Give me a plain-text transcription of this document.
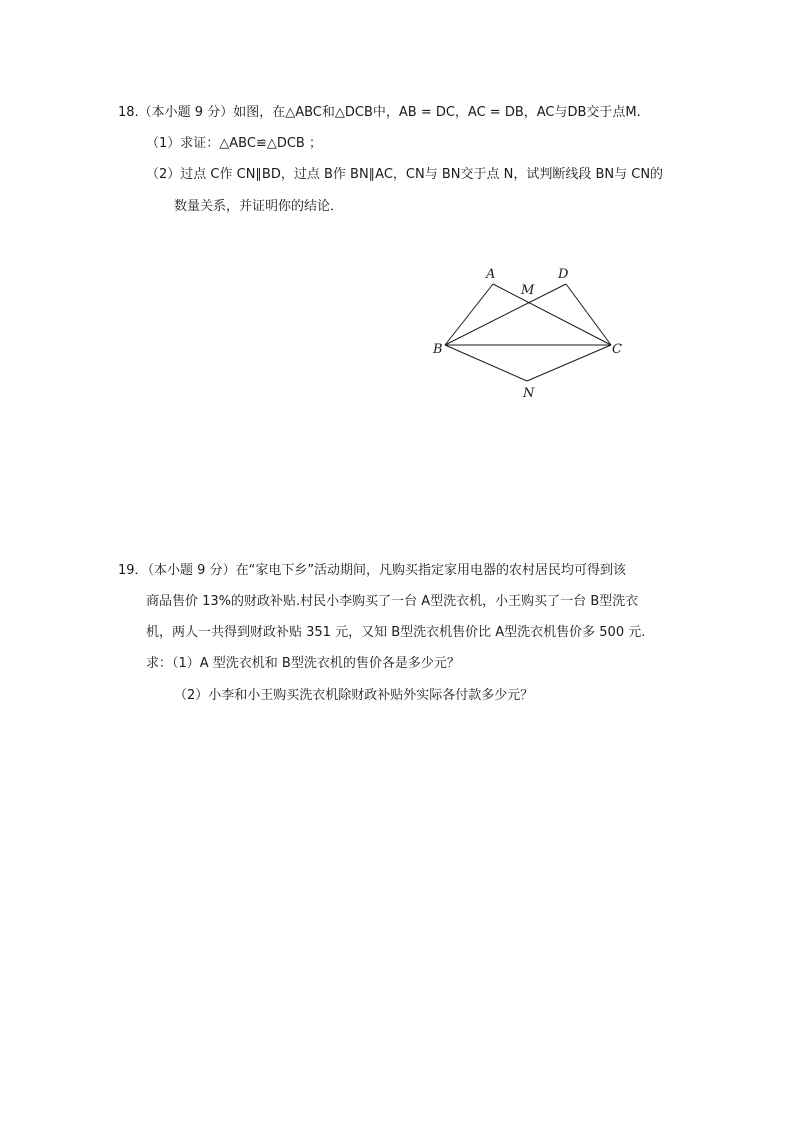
18.（本小题 9 分）如图，在△ABC和△DCB中，AB = DC，AC = DB，AC与DB交于点M.
（1）求证：△ABC≌△DCB ；
（2）过点 C作 CN∥BD，过点 B作 BN∥AC，CN与 BN交于点 N，试判断线段 BN与 CN的
数量关系，并证明你的结论．
A	D
M
B	C
N
19．（本小题 9 分）在“家电下乡”活动期间，凡购买指定家用电器的农村居民均可得到该
商品售价 13%的财政补贴.村民小李购买了一台 A型洗衣机，小王购买了一台 B型洗衣
机，两人一共得到财政补贴 351 元，又知 B型洗衣机售价比 A型洗衣机售价多 500 元.
求：（1）A 型洗衣机和 B型洗衣机的售价各是多少元？
（2）小李和小王购买洗衣机除财政补贴外实际各付款多少元？
